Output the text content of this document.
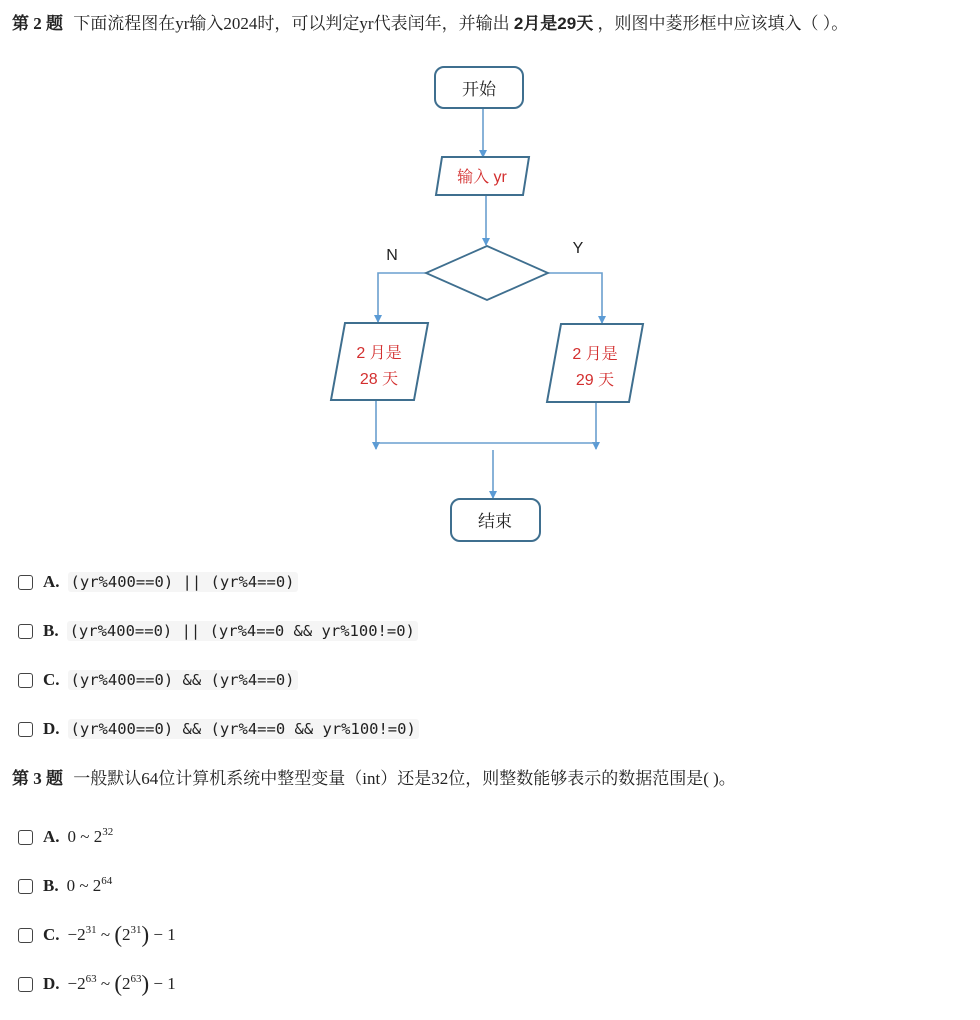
第 2 题 下面流程图在yr输入2024时，可以判定yr代表闰年，并输出 2月是29天 ，则图中菱形框中应该填入（ ）。
开始
输入 yr
N	Y
2 月是
28 天
2 月是
29 天
结束
A. (yr%400==0) || (yr%4==0)
B. (yr%400==0) || (yr%4==0 && yr%100!=0)
C. (yr%400==0) && (yr%4==0)
D. (yr%400==0) && (yr%4==0 && yr%100!=0)
第 3 题 一般默认64位计算机系统中整型变量（int）还是32位，则整数能够表示的数据范围是( )。
A. 0 ~ $2^{32}$
B. 0 ~ $2^{64}$
C. $-2^{31}$ ~ $(2^{31}) - 1$
D. $-2^{63}$ ~ $(2^{63}) - 1$
